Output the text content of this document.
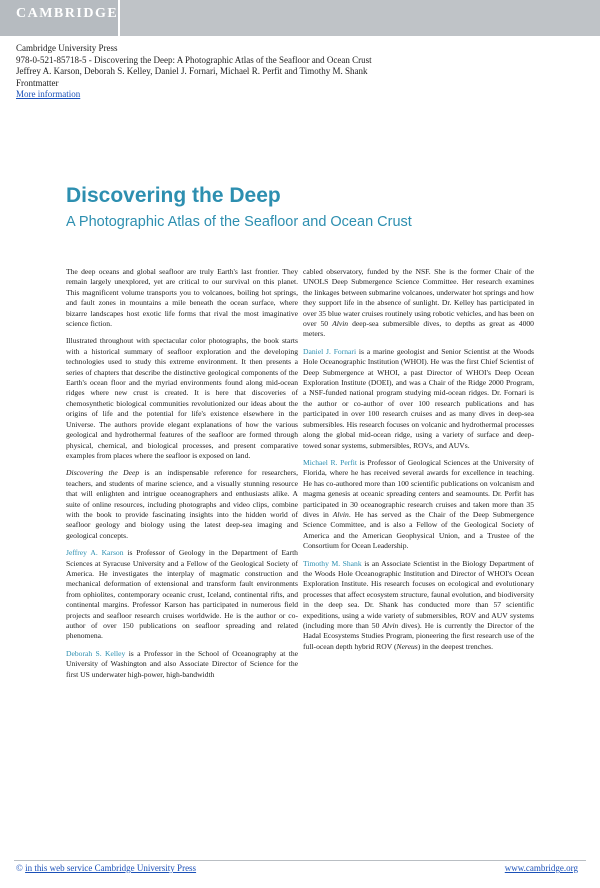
CAMBRIDGE
Cambridge University Press
978-0-521-85718-5 - Discovering the Deep: A Photographic Atlas of the Seafloor and Ocean Crust
Jeffrey A. Karson, Deborah S. Kelley, Daniel J. Fornari, Michael R. Perfit and Timothy M. Shank
Frontmatter
More information
Discovering the Deep
A Photographic Atlas of the Seafloor and Ocean Crust

The deep oceans and global seafloor are truly Earth's last frontier. They remain largely unexplored, yet are critical to our survival on this planet. This magnificent volume transports you to volcanoes, boiling hot springs, and fault zones in mountains a mile beneath the ocean surface, where bizarre landscapes host exotic life forms that rival the most imaginative science fiction.

Illustrated throughout with spectacular color photographs, the book starts with a historical summary of seafloor exploration and the developing technologies used to study this extreme environment. It then presents a series of chapters that describe the distinctive geological components of the Earth's ocean floor and the myriad environments found along mid-ocean ridges where new crust is created. It is here that discoveries of chemosynthetic biological communities revolutionized our ideas about the origins of life and the potential for life's existence elsewhere in the Universe. The authors provide elegant explanations of how the various geological and hydrothermal features of the seafloor are formed through physical, chemical, and biological processes, and present comparative examples from places where the seafloor is exposed on land.

Discovering the Deep is an indispensable reference for researchers, teachers, and students of marine science, and a visually stunning resource that will enlighten and intrigue oceanographers and enthusiasts alike. A suite of online resources, including photographs and video clips, combine with the book to provide fascinating insights into the hidden world of seafloor geology and biology using the latest deep-sea imaging and geological concepts.

Jeffrey A. Karson is Professor of Geology in the Department of Earth Sciences at Syracuse University and a Fellow of the Geological Society of America. He investigates the interplay of magmatic construction and mechanical deformation of extensional and transform fault environments from ophiolites, contemporary oceanic crust, Iceland, continental rifts, and continental margins. Professor Karson has participated in numerous field projects and seafloor research cruises worldwide. He is the author or co-author of over 150 publications on seafloor spreading and related phenomena.

Deborah S. Kelley is a Professor in the School of Oceanography at the University of Washington and also Associate Director of Science for the first US underwater high-power, high-bandwidth

cabled observatory, funded by the NSF. She is the former Chair of the UNOLS Deep Submergence Science Committee. Her research examines the linkages between submarine volcanoes, underwater hot springs and how they support life in the absence of sunlight. Dr. Kelley has participated in over 35 blue water cruises routinely using robotic vehicles, and has been on over 50 Alvin deep-sea submersible dives, to depths as great as 4000 meters.

Daniel J. Fornari is a marine geologist and Senior Scientist at the Woods Hole Oceanographic Institution (WHOI). He was the first Chief Scientist of Deep Submergence at WHOI, a past Director of WHOI's Deep Ocean Exploration Institute (DOEI), and was a Chair of the Ridge 2000 Program, a NSF-funded national program studying mid-ocean ridges. Dr. Fornari is the author or co-author of over 100 research publications and has participated in over 100 research cruises and as many dives in deep-sea submersibles. His research focuses on volcanic and hydrothermal processes along the global mid-ocean ridge, using a variety of surface and deep-towed sonar systems, submersibles, ROVs, and AUVs.

Michael R. Perfit is Professor of Geological Sciences at the University of Florida, where he has received several awards for excellence in teaching. He has co-authored more than 100 scientific publications on volcanism and magma genesis at oceanic spreading centers and seamounts. Dr. Perfit has participated in 30 oceanographic research cruises and taken more than 35 dives in Alvin. He has served as the Chair of the Deep Submergence Science Committee, and is also a Fellow of the Geological Society of America and the American Geophysical Union, and a Trustee of the Consortium for Ocean Leadership.

Timothy M. Shank is an Associate Scientist in the Biology Department of the Woods Hole Oceanographic Institution and Director of WHOI's Ocean Exploration Institute. His research focuses on ecological and evolutionary processes that affect ecosystem structure, faunal evolution, and biodiversity in the deep sea. Dr. Shank has conducted more than 57 scientific expeditions, using a wide variety of submersibles, ROV and AUV systems (including more than 50 Alvin dives). He is currently the Director of the Hadal Ecosystems Studies Program, pioneering the first research use of the full-ocean depth hybrid ROV (Nereus) in the deepest trenches.

© in this web service Cambridge University Press	www.cambridge.org
